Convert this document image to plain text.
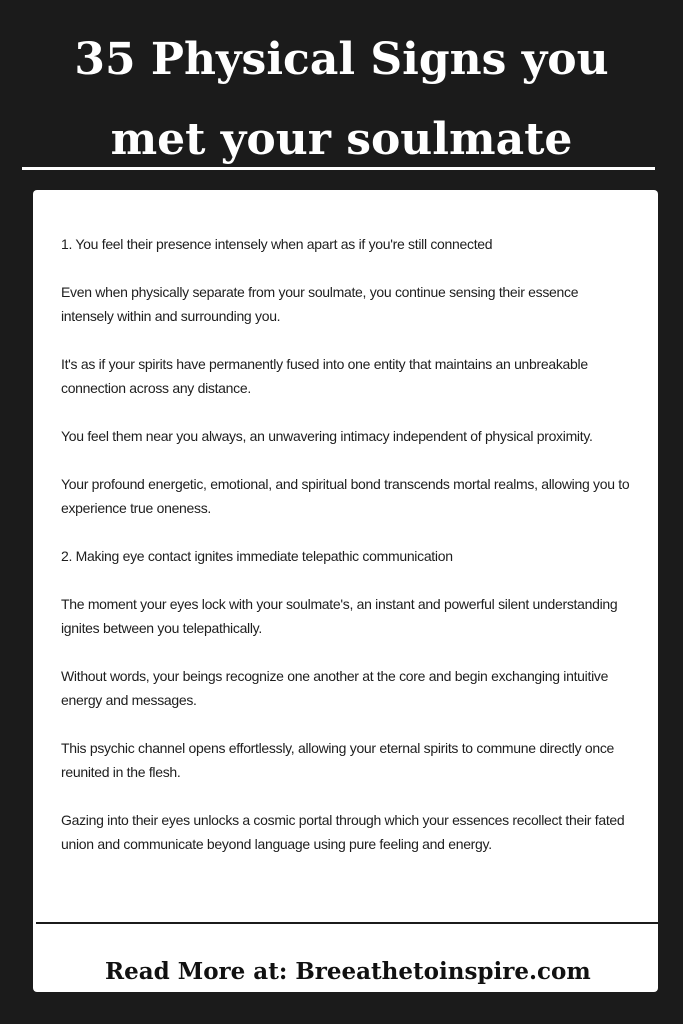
35 Physical Signs you
met your soulmate

1. You feel their presence intensely when apart as if you're still connected

Even when physically separate from your soulmate, you continue sensing their essence intensely within and surrounding you.

It's as if your spirits have permanently fused into one entity that maintains an unbreakable connection across any distance.

You feel them near you always, an unwavering intimacy independent of physical proximity.

Your profound energetic, emotional, and spiritual bond transcends mortal realms, allowing you to experience true oneness.

2. Making eye contact ignites immediate telepathic communication

The moment your eyes lock with your soulmate's, an instant and powerful silent understanding ignites between you telepathically.

Without words, your beings recognize one another at the core and begin exchanging intuitive energy and messages.

This psychic channel opens effortlessly, allowing your eternal spirits to commune directly once reunited in the flesh.

Gazing into their eyes unlocks a cosmic portal through which your essences recollect their fated union and communicate beyond language using pure feeling and energy.

Read More at: Breeathetoinspire.com
